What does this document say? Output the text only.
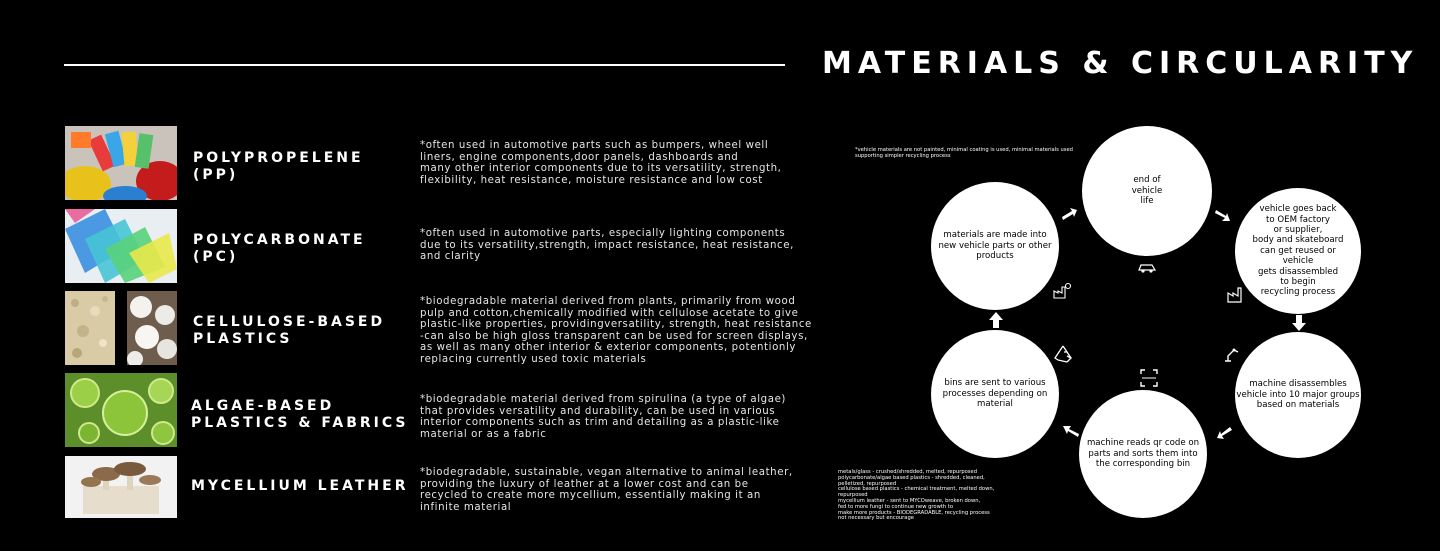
MATERIALS & CIRCULARITY
POLYPROPELENE
(PP)
POLYCARBONATE
(PC)
CELLULOSE-BASED
PLASTICS
ALGAE-BASED
PLASTICS & FABRICS
MYCELLIUM LEATHER
*often used in automotive parts such as bumpers, wheel well
liners, engine components,door panels, dashboards and
many other interior components due to its versatility, strength,
flexibility, heat resistance, moisture resistance and low cost
*often used in automotive parts, especially lighting components
due to its versatility,strength, impact resistance, heat resistance,
and clarity
*biodegradable material derived from plants, primarily from wood
pulp and cotton,chemically modified with cellulose acetate to give
plastic-like properties, providingversatility, strength, heat resistance
-can also be high gloss transparent can be used for screen displays,
as well as many other interior & exterior components, potentionly
replacing currently used toxic materials
*biodegradable material derived from spirulina (a type of algae)
that provides versatility and durability, can be used in various
interior components such as trim and detailing as a plastic-like
material or as a fabric
*biodegradable, sustainable, vegan alternative to animal leather,
providing the luxury of leather at a lower cost and can be
recycled to create more mycellium, essentially making it an
infinite material
*vehicle materials are not painted, minimal coating is used, minimal materials used
supporting simpler recycling process
metals/glass - crushed/shredded, melted, repurposed
polycarbonate/algae based plastics - shredded, cleaned,
pelletized, repurposed
cellulose based plastics - chemical treatment, melted down,
repurposed
mycellium leather - sent to MYCOweave, broken down,
fed to more fungi to continue new growth to
make more products - BIODEGRADABLE, recycling process
not necessary but encourage
end of
vehicle
life
vehicle goes back
to OEM factory
or supplier,
body and skateboard
can get reused or
vehicle
gets disassembled
to begin
recycling process
machine disassembles
vehicle into 10 major groups
based on materials
machine reads qr code on
parts and sorts them into
the corresponding bin
bins are sent to various
processes depending on
material
materials are made into
new vehicle parts or other
products
